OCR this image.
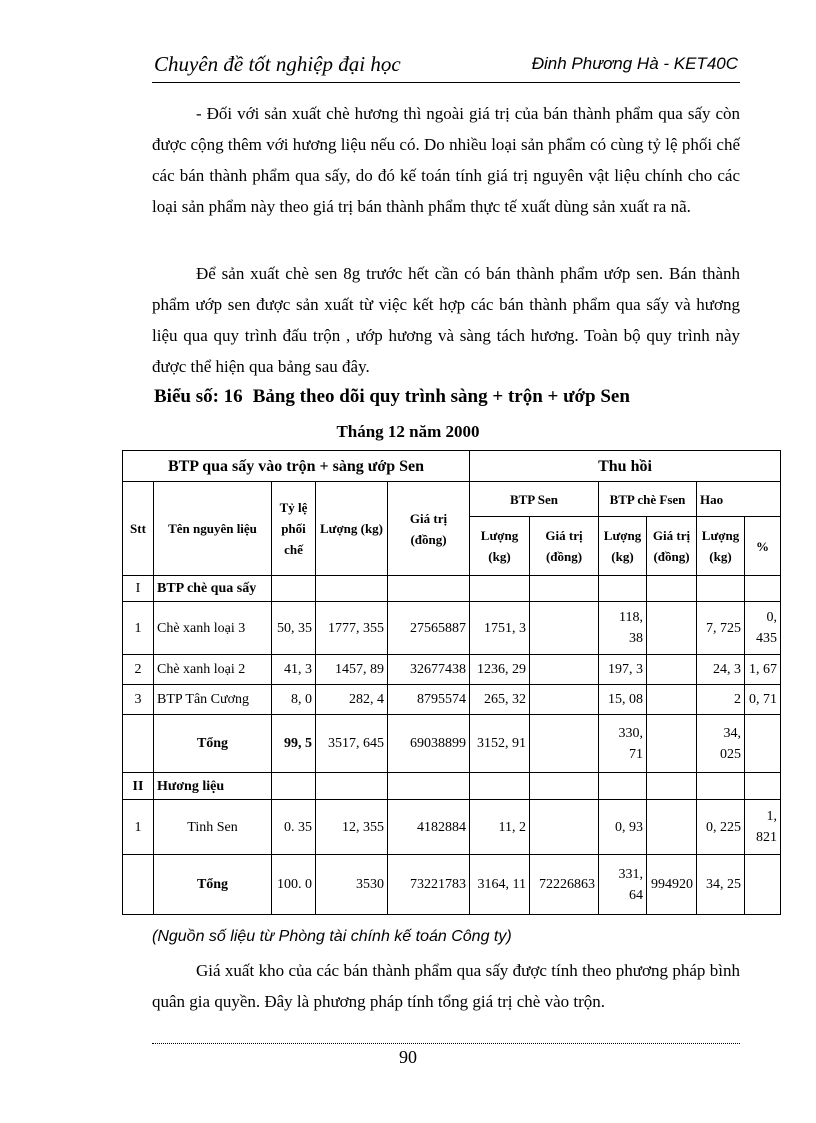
Chuyên đề tốt nghiệp đại học	Đinh Phương Hà - KET40C

- Đối với sản xuất chè hương thì ngoài giá trị của bán thành phẩm qua sấy còn được cộng thêm với hương liệu nếu có. Do nhiều loại sản phẩm có cùng tỷ lệ phối chế các bán thành phẩm qua sấy, do đó kế toán tính giá trị nguyên vật liệu chính cho các loại sản phẩm này theo giá trị bán thành phẩm thực tế xuất dùng sản xuất ra nã.

Để sản xuất chè sen 8g trước hết cần có bán thành phẩm ướp sen. Bán thành phẩm ướp sen được sản xuất từ việc kết hợp các bán thành phẩm qua sấy và hương liệu qua quy trình đấu trộn , ướp hương và sàng tách hương. Toàn bộ quy trình này được thể hiện qua bảng sau đây.

Biểu số: 16 Bảng theo dõi quy trình sàng + trộn + ướp Sen
Tháng 12 năm 2000
BTP qua sấy vào trộn + sàng ướp Sen					Thu hồi					
Stt	Tên nguyên liệu	Tỷ lệ phối chế	Lượng (kg)	Giá trị (đồng)	BTP Sen		BTP chè Fsen		Hao	
					Lượng (kg)	Giá trị (đồng)	Lượng (kg)	Giá trị (đồng)	Lượng (kg)	%
I	BTP chè qua sấy									
1	Chè xanh loại 3	50, 35	1777, 355	27565887	1751, 3		118, 38		7, 725	0, 435
2	Chè xanh loại 2	41, 3	1457, 89	32677438	1236, 29		197, 3		24, 3	1, 67
3	BTP Tân Cương	8, 0	282, 4	8795574	265, 32		15, 08		2	0, 71
	Tổng	99, 5	3517, 645	69038899	3152, 91		330, 71		34, 025	
II	Hương liệu									
1	Tinh Sen	0. 35	12, 355	4182884	11, 2		0, 93		0, 225	1, 821
	Tổng	100. 0	3530	73221783	3164, 11	72226863	331, 64	994920	34, 25	
(Nguồn số liệu từ Phòng tài chính kế toán Công ty)

Giá xuất kho của các bán thành phẩm qua sấy được tính theo phương pháp bình quân gia quyền. Đây là phương pháp tính tổng giá trị chè vào trộn.

90
